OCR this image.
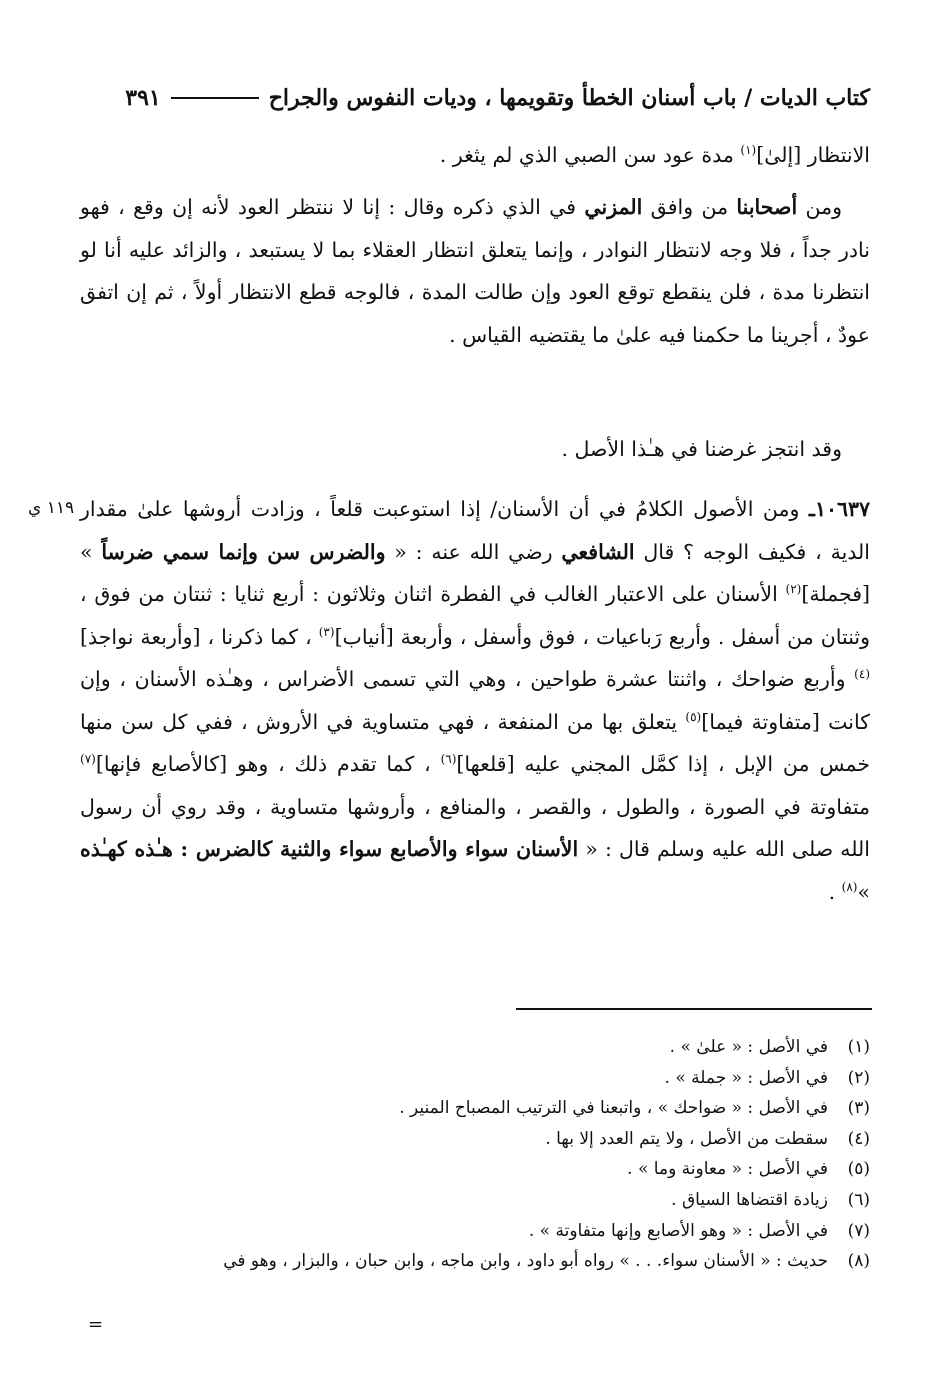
كتاب الديات / باب أسنان الخطأ وتقويمها ، وديات النفوس والجراح
٣٩١
الانتظار [إلىٰ]$^{(١)}$ مدة عود سن الصبي الذي لم يثغر .
ومن أصحابنا من وافق المزني في الذي ذكره وقال : إنا لا ننتظر العود لأنه إن وقع ، فهو نادر جداً ، فلا وجه لانتظار النوادر ، وإنما يتعلق انتظار العقلاء بما لا يستبعد ، والزائد عليه أنا لو انتظرنا مدة ، فلن ينقطع توقع العود وإن طالت المدة ، فالوجه قطع الانتظار أولاً ، ثم إن اتفق عودٌ ، أجرينا ما حكمنا فيه علىٰ ما يقتضيه القياس .
وقد انتجز غرضنا في هـٰذا الأصل .
١١٩ ي	١٠٦٣٧ـ ومن الأصول الكلامُ في أن الأسنان/ إذا استوعبت قلعاً ، وزادت أروشها علىٰ مقدار الدية ، فكيف الوجه ؟ قال الشافعي رضي الله عنه : « والضرس سن وإنما سمي ضرساً » [فجملة]$^{(٢)}$ الأسنان على الاعتبار الغالب في الفطرة اثنان وثلاثون : أربع ثنايا : ثنتان من فوق ، وثنتان من أسفل . وأربع رَباعيات ، فوق وأسفل ، وأربعة [أنياب]$^{(٣)}$ ، كما ذكرنا ، [وأربعة نواجذ]$^{(٤)}$ وأربع ضواحك ، واثنتا عشرة طواحين ، وهي التي تسمى الأضراس ، وهـٰذه الأسنان ، وإن كانت [متفاوتة فيما]$^{(٥)}$ يتعلق بها من المنفعة ، فهي متساوية في الأروش ، ففي كل سن منها خمس من الإبل ، إذا كمَّل المجني عليه [قلعها]$^{(٦)}$ ، كما تقدم ذلك ، وهو [كالأصابع فإنها]$^{(٧)}$ متفاوتة في الصورة ، والطول ، والقصر ، والمنافع ، وأروشها متساوية ، وقد روي أن رسول الله صلى الله عليه وسلم قال : « الأسنان سواء والأصابع سواء والثنية كالضرس : هـٰذه كهـٰذه »$^{(٨)}$ .
(١)
في الأصل : « علىٰ » .
(٢)
في الأصل : « جملة » .
(٣)
في الأصل : « ضواحك » ، واتبعنا في الترتيب المصباح المنير .
(٤)
سقطت من الأصل ، ولا يتم العدد إلا بها .
(٥)
في الأصل : « معاونة وما » .
(٦)
زيادة اقتضاها السياق .
(٧)
في الأصل : « وهو الأصابع وإنها متفاوتة » .
(٨)
حديث : « الأسنان سواء. . . » رواه أبو داود ، وابن ماجه ، وابن حبان ، والبزار ، وهو في
=
